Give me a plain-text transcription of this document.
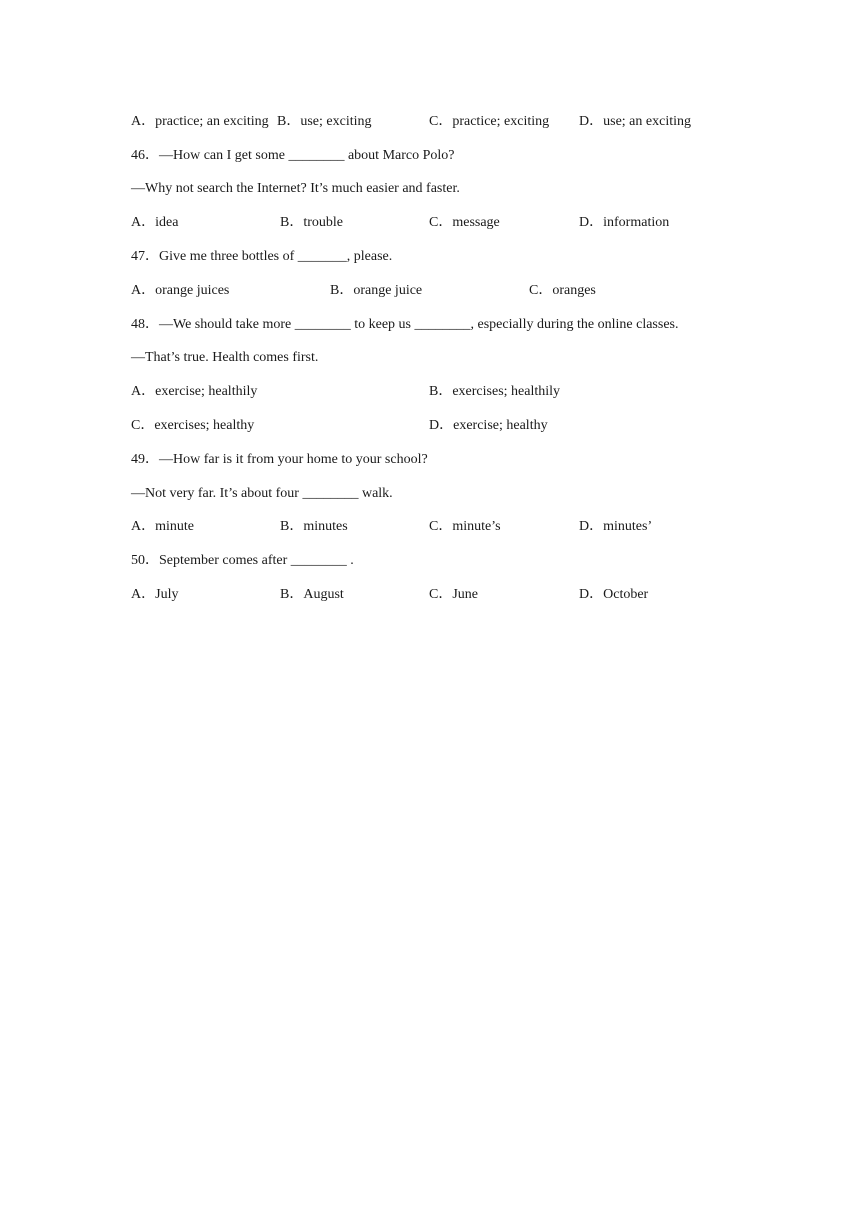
A．practice; an exciting B．use; exciting	C．practice; exciting D．use; an exciting
46．—How can I get some ________ about Marco Polo?
—Why not search the Internet? It’s much easier and faster.
A．idea	B．trouble	C．message	D．information
47．Give me three bottles of _______, please.
A．orange juices	B．orange juice	C．oranges
48．—We should take more ________ to keep us ________, especially during the online classes.
—That’s true. Health comes first.
A．exercise; healthily	B．exercises; healthily
C．exercises; healthy	D．exercise; healthy
49．—How far is it from your home to your school?
—Not very far. It’s about four ________ walk.
A．minute	B．minutes	C．minute’s	D．minutes’
50．September comes after ________ .
A．July	B．August	C．June	D．October
